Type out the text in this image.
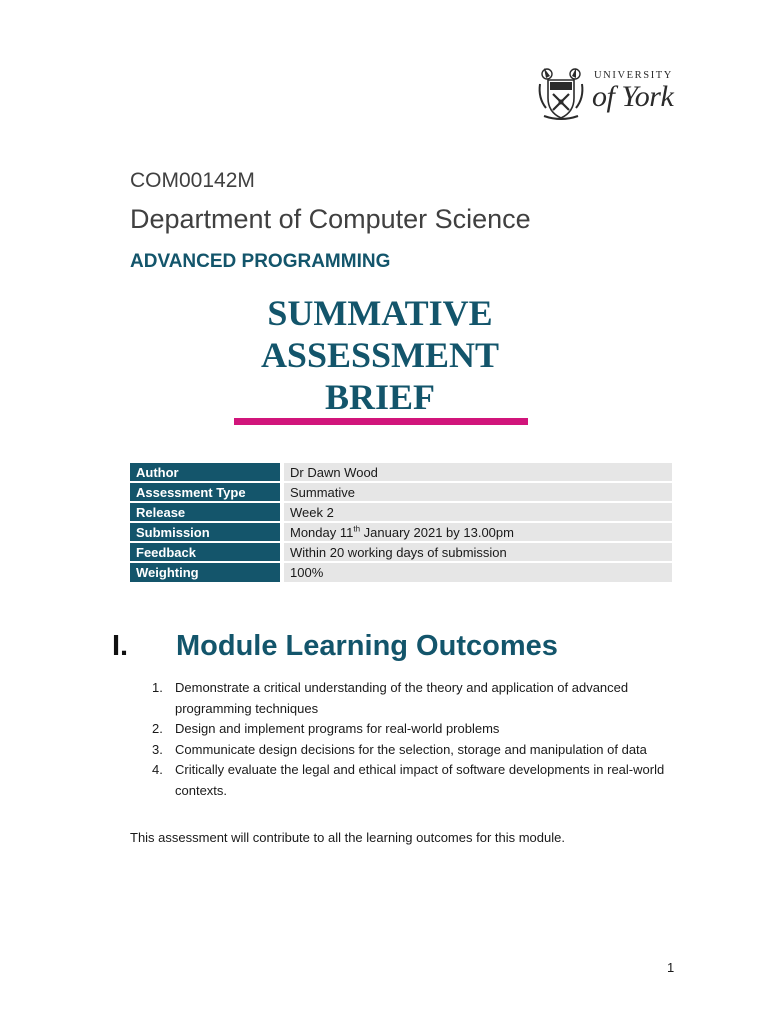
UNIVERSITY
of York
COM00142M
Department of Computer Science
ADVANCED PROGRAMMING
SUMMATIVE
ASSESSMENT
BRIEF
Author	Dr Dawn Wood
Assessment Type	Summative
Release	Week 2
Submission	Monday 11th January 2021 by 13.00pm
Feedback	Within 20 working days of submission
Weighting	100%
I. Module Learning Outcomes
1. Demonstrate a critical understanding of the theory and application of advanced programming techniques
2. Design and implement programs for real-world problems
3. Communicate design decisions for the selection, storage and manipulation of data
4. Critically evaluate the legal and ethical impact of software developments in real-world contexts.
This assessment will contribute to all the learning outcomes for this module.
1
